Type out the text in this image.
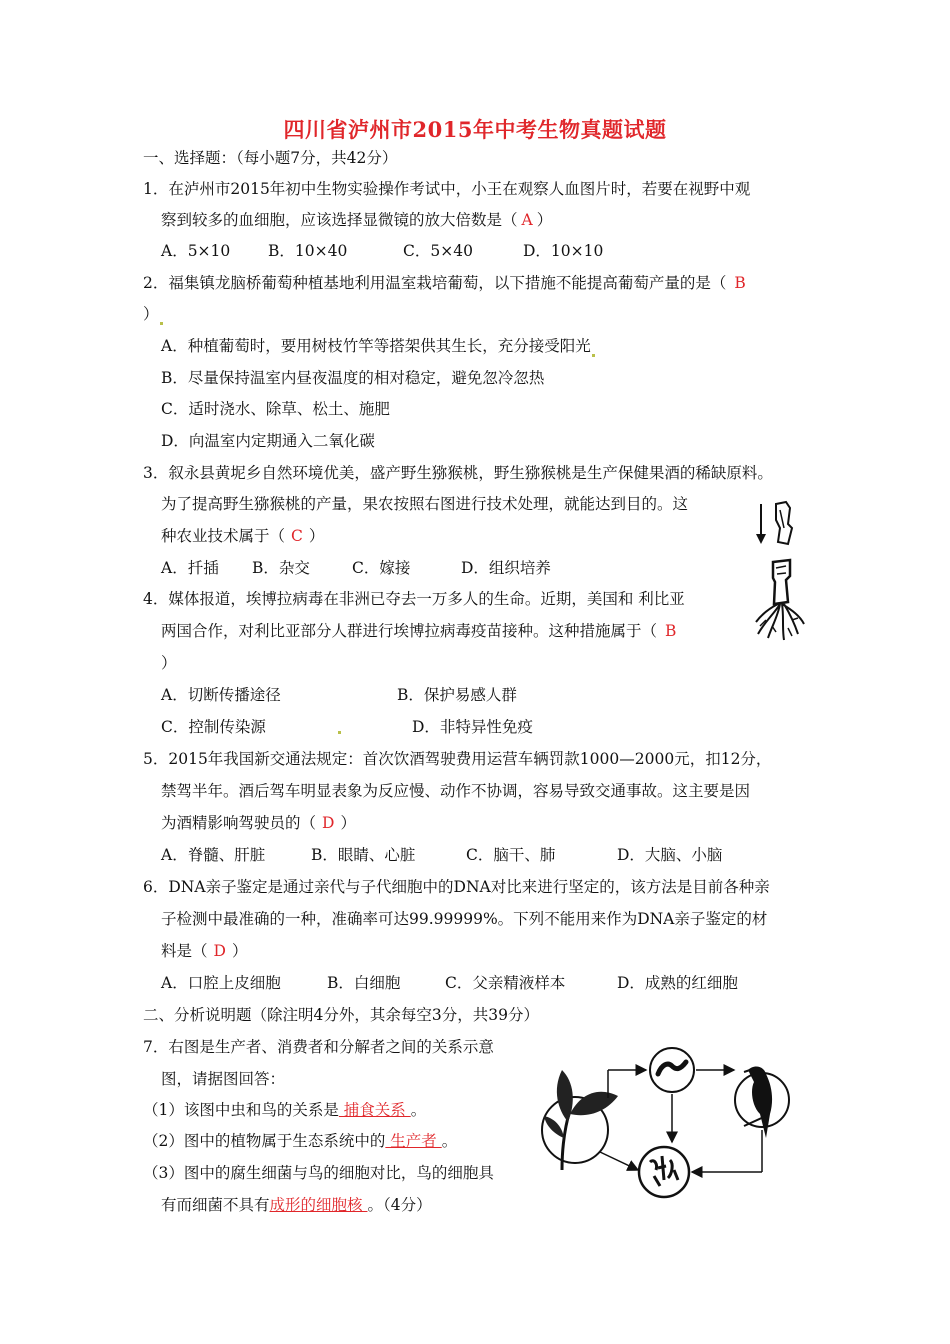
四川省泸州市2015年中考生物真题试题
一、选择题：（每小题7分，共42分）
1．在泸州市2015年初中生物实验操作考试中，小王在观察人血图片时，若要在视野中观
察到较多的血细胞，应该选择显微镜的放大倍数是（ A ）
A．5×10 B．10×40	C．5×40	D．10×10
2．福集镇龙脑桥葡萄种植基地利用温室栽培葡萄，以下措施不能提高葡萄产量的是（ B
）
A．种植葡萄时，要用树枝竹竿等搭架供其生长，充分接受阳光
B．尽量保持温室内昼夜温度的相对稳定，避免忽冷忽热
C．适时浇水、除草、松土、施肥
D．向温室内定期通入二氧化碳
3．叙永县黄坭乡自然环境优美，盛产野生猕猴桃，野生猕猴桃是生产保健果酒的稀缺原料。
为了提高野生猕猴桃的产量，果农按照右图进行技术处理，就能达到目的。这
种农业技术属于（ C ）
A．扦插 B．杂交	C．嫁接	D．组织培养
4．媒体报道，埃博拉病毒在非洲已夺去一万多人的生命。近期，美国和 利比亚
两国合作，对利比亚部分人群进行埃博拉病毒疫苗接种。这种措施属于（ B
）
A．切断传播途径	B．保护易感人群
C．控制传染源	D．非特异性免疫
5．2015年我国新交通法规定：首次饮酒驾驶费用运营车辆罚款1000—2000元，扣12分，
禁驾半年。酒后驾车明显表象为反应慢、动作不协调，容易导致交通事故。这主要是因
为酒精影响驾驶员的（ D ）
A．脊髓、肝脏	B．眼睛、心脏	C．脑干、肺	D．大脑、小脑
6．DNA亲子鉴定是通过亲代与子代细胞中的DNA对比来进行坚定的，该方法是目前各种亲
子检测中最准确的一种，准确率可达99.99999%。下列不能用来作为DNA亲子鉴定的材
料是（ D ）
A．口腔上皮细胞	B．白细胞	C．父亲精液样本	D．成熟的红细胞
二、分析说明题（除注明4分外，其余每空3分，共39分）
7．右图是生产者、消费者和分解者之间的关系示意
图，请据图回答：
（1）该图中虫和鸟的关系是 捕食关系 。
（2）图中的植物属于生态系统中的 生产者 。
（3）图中的腐生细菌与鸟的细胞对比，鸟的细胞具
有而细菌不具有成形的细胞核 。（4分）
